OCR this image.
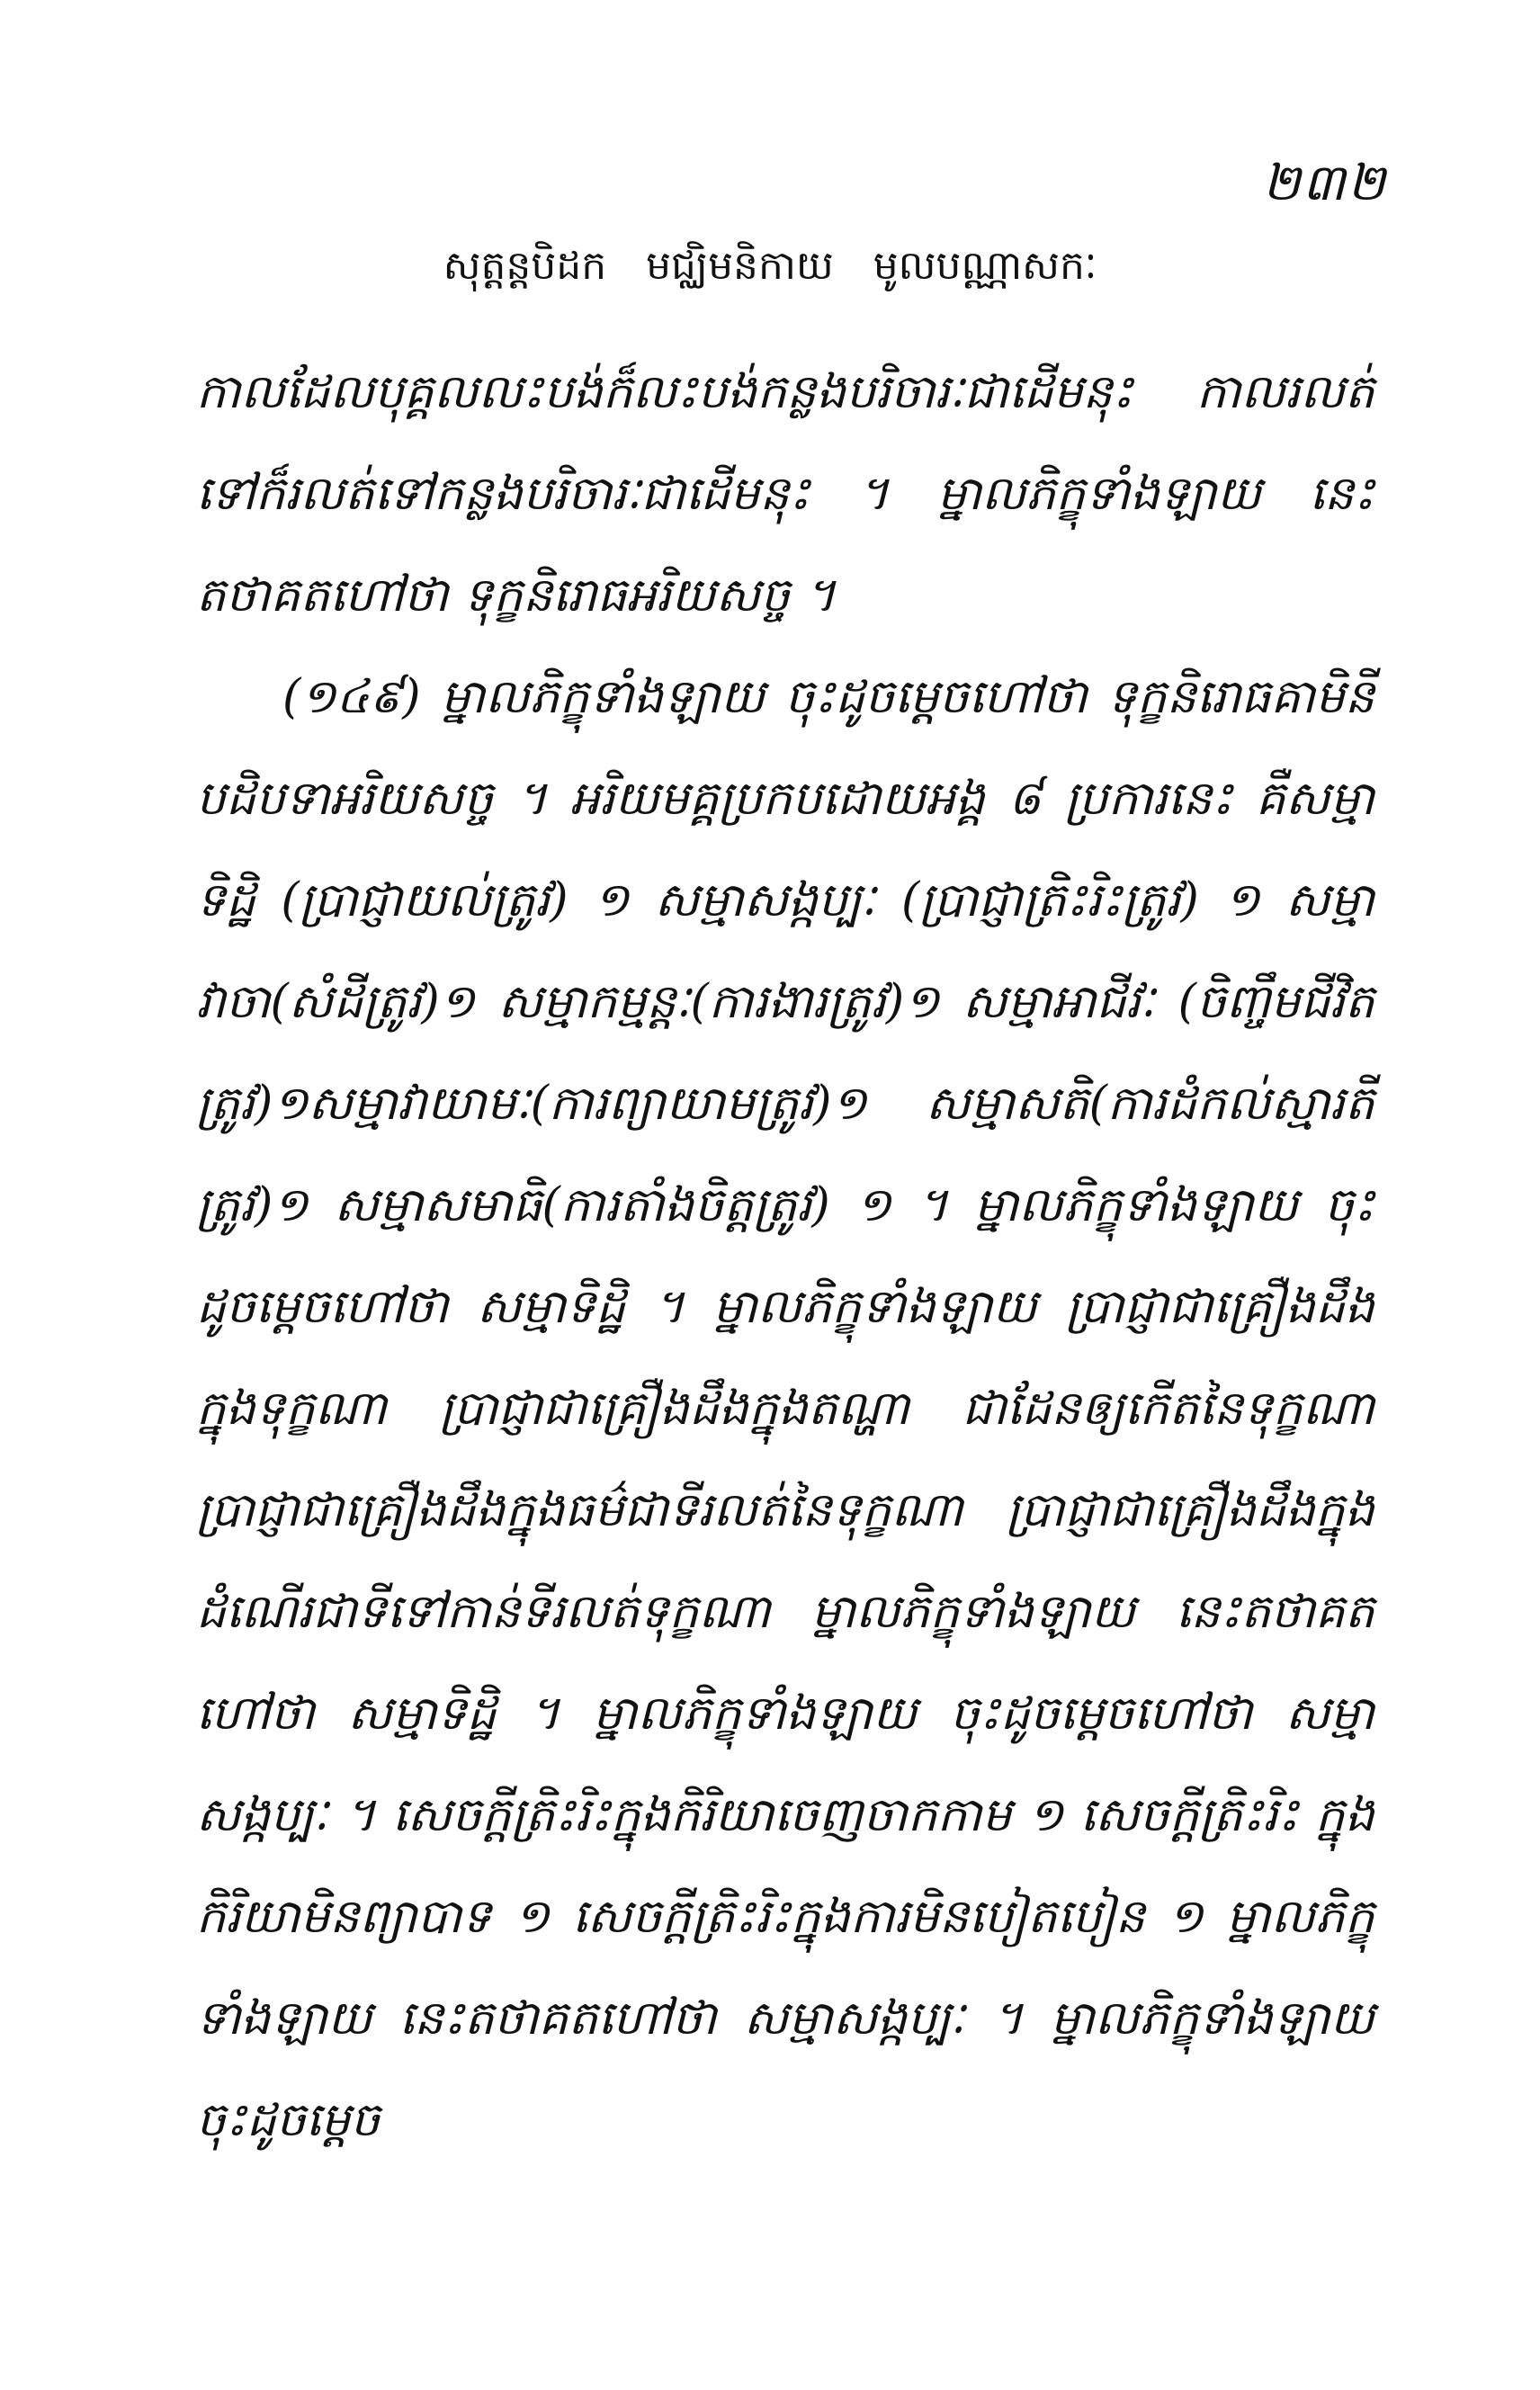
២៣២
សុត្តន្តបិដក មជ្ឈិមនិកាយ មូលបណ្ណាសកៈ

កាលដែលបុគ្គលលះបង់ក៏លះបង់កន្លងបរិចារៈជាដើមនុះ កាលរលត់ទៅក៏រលត់ទៅកន្លងបរិចារៈជាដើមនុះ ។ ម្នាលភិក្ខុទាំងឡាយ នេះតថាគតហៅថា ទុក្ខនិរោធអរិយសច្ច ។

(១៤៩) ម្នាលភិក្ខុទាំងឡាយ ចុះដូចម្តេចហៅថា ទុក្ខនិរោធគាមិនីបដិបទាអរិយសច្ច ។ អរិយមគ្គប្រកបដោយអង្គ ៨ ប្រការនេះ គឺសម្មាទិដ្ឋិ (ប្រាជ្ញាយល់ត្រូវ) ១ សម្មាសង្កប្បៈ (ប្រាជ្ញាត្រិះរិះត្រូវ) ១ សម្មាវាចា(សំដីត្រូវ)១ សម្មាកម្មន្តៈ(ការងារត្រូវ)១ សម្មាអាជីវៈ (ចិញ្ចឹមជីវិតត្រូវ)១សម្មាវាយាមៈ(ការព្យាយាមត្រូវ)១ សម្មាសតិ(ការដំកល់ស្មារតីត្រូវ)១ សម្មាសមាធិ(ការតាំងចិត្តត្រូវ) ១ ។ ម្នាលភិក្ខុទាំងឡាយ ចុះដូចម្តេចហៅថា សម្មាទិដ្ឋិ ។ ម្នាលភិក្ខុទាំងឡាយ ប្រាជ្ញាជាគ្រឿងដឹងក្នុងទុក្ខណា ប្រាជ្ញាជាគ្រឿងដឹងក្នុងតណ្ហា ជាដែនឲ្យកើតនៃទុក្ខណា ប្រាជ្ញាជាគ្រឿងដឹងក្នុងធម៌ជាទីរលត់នៃទុក្ខណា ប្រាជ្ញាជាគ្រឿងដឹងក្នុងដំណើរជាទីទៅកាន់ទីរលត់ទុក្ខណា ម្នាលភិក្ខុទាំងឡាយ នេះតថាគតហៅថា សម្មាទិដ្ឋិ ។ ម្នាលភិក្ខុទាំងឡាយ ចុះដូចម្តេចហៅថា សម្មាសង្កប្បៈ ។ សេចក្តីត្រិះរិះក្នុងកិរិយាចេញចាកកាម ១ សេចក្តីត្រិះរិះ ក្នុងកិរិយាមិនព្យាបាទ ១ សេចក្តីត្រិះរិះក្នុងការមិនបៀតបៀន ១ ម្នាលភិក្ខុទាំងឡាយ នេះតថាគតហៅថា សម្មាសង្កប្បៈ ។ ម្នាលភិក្ខុទាំងឡាយ ចុះដូចម្តេច
